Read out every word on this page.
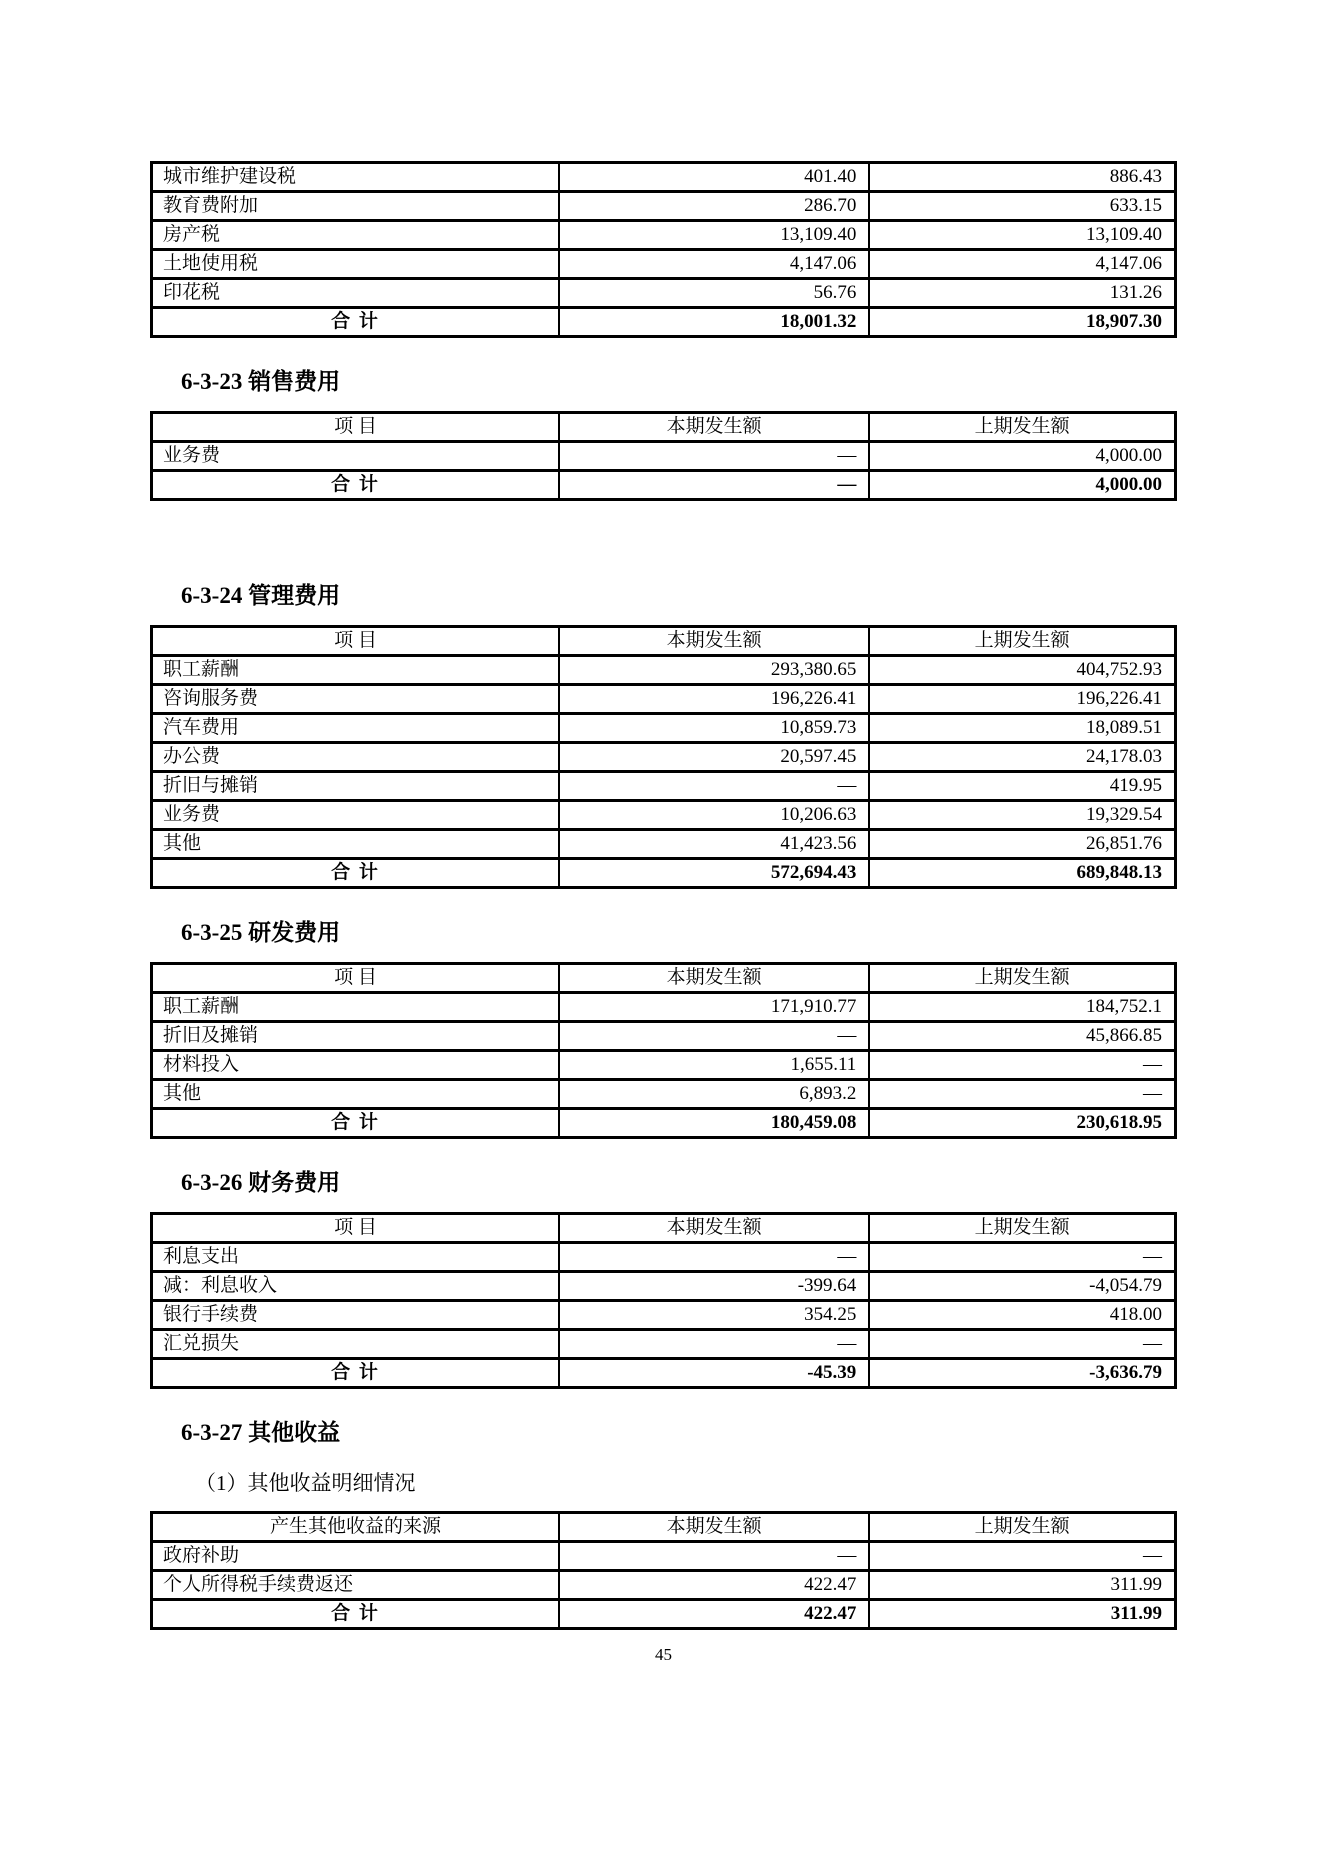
城市维护建设税	401.40	886.43
教育费附加	286.70	633.15
房产税	13,109.40	13,109.40
土地使用税	4,147.06	4,147.06
印花税	56.76	131.26
合 计	18,001.32	18,907.30
6-3-23 销售费用
项 目	本期发生额	上期发生额
业务费	—	4,000.00
合 计	—	4,000.00
6-3-24 管理费用
项 目	本期发生额	上期发生额
职工薪酬	293,380.65	404,752.93
咨询服务费	196,226.41	196,226.41
汽车费用	10,859.73	18,089.51
办公费	20,597.45	24,178.03
折旧与摊销	—	419.95
业务费	10,206.63	19,329.54
其他	41,423.56	26,851.76
合 计	572,694.43	689,848.13
6-3-25 研发费用
项 目	本期发生额	上期发生额
职工薪酬	171,910.77	184,752.1
折旧及摊销	—	45,866.85
材料投入	1,655.11	—
其他	6,893.2	—
合 计	180,459.08	230,618.95
6-3-26 财务费用
项 目	本期发生额	上期发生额
利息支出	—	—
减：利息收入	-399.64	-4,054.79
银行手续费	354.25	418.00
汇兑损失	—	—
合 计	-45.39	-3,636.79
6-3-27 其他收益
（1）其他收益明细情况
产生其他收益的来源	本期发生额	上期发生额
政府补助	—	—
个人所得税手续费返还	422.47	311.99
合 计	422.47	311.99
45
